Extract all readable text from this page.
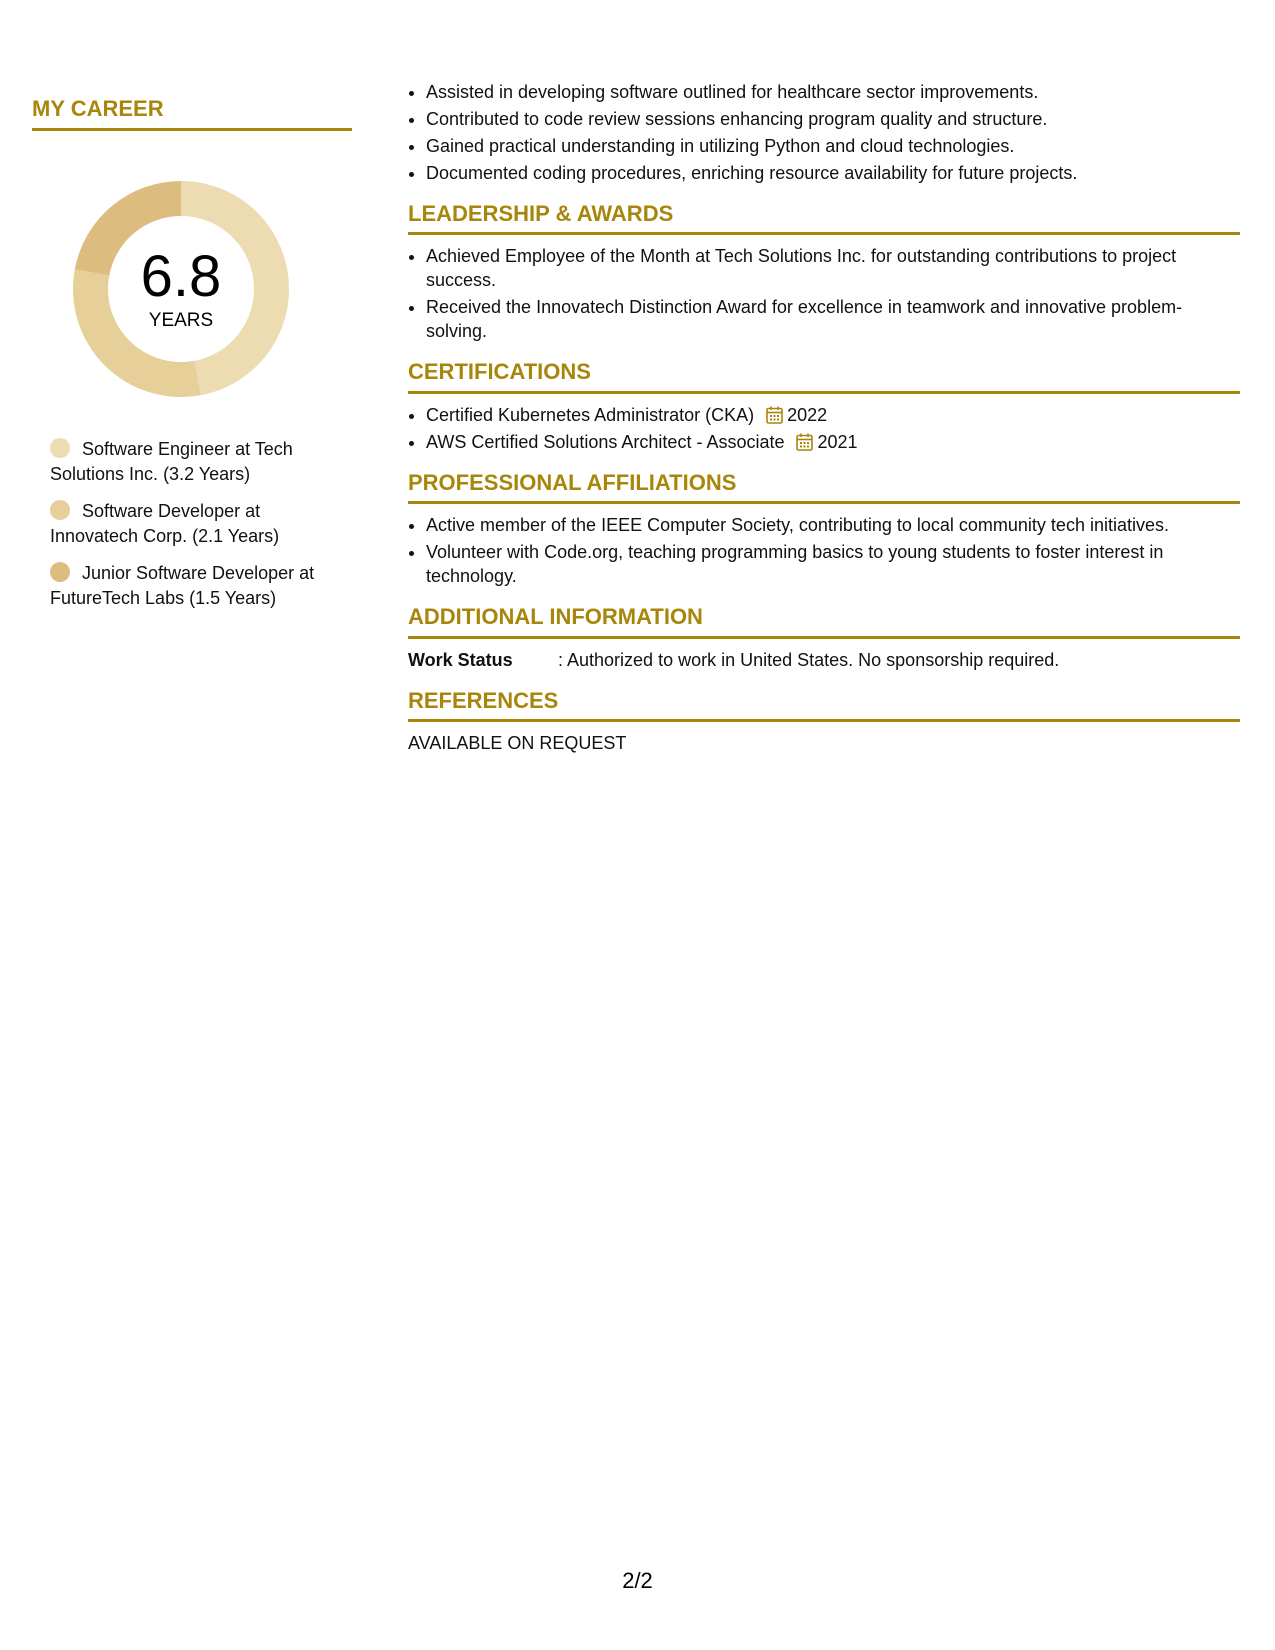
MY CAREER
6.8
YEARS
Software Engineer at Tech Solutions Inc. (3.2 Years)
Software Developer at Innovatech Corp. (2.1 Years)
Junior Software Developer at FutureTech Labs (1.5 Years)
• Assisted in developing software outlined for healthcare sector improvements.
• Contributed to code review sessions enhancing program quality and structure.
• Gained practical understanding in utilizing Python and cloud technologies.
• Documented coding procedures, enriching resource availability for future projects.
LEADERSHIP & AWARDS
• Achieved Employee of the Month at Tech Solutions Inc. for outstanding contributions to project success.
• Received the Innovatech Distinction Award for excellence in teamwork and innovative problem-solving.
CERTIFICATIONS
• Certified Kubernetes Administrator (CKA) 2022
• AWS Certified Solutions Architect - Associate 2021
PROFESSIONAL AFFILIATIONS
• Active member of the IEEE Computer Society, contributing to local community tech initiatives.
• Volunteer with Code.org, teaching programming basics to young students to foster interest in technology.
ADDITIONAL INFORMATION
Work Status	: Authorized to work in United States. No sponsorship required.
REFERENCES
AVAILABLE ON REQUEST
2/2
